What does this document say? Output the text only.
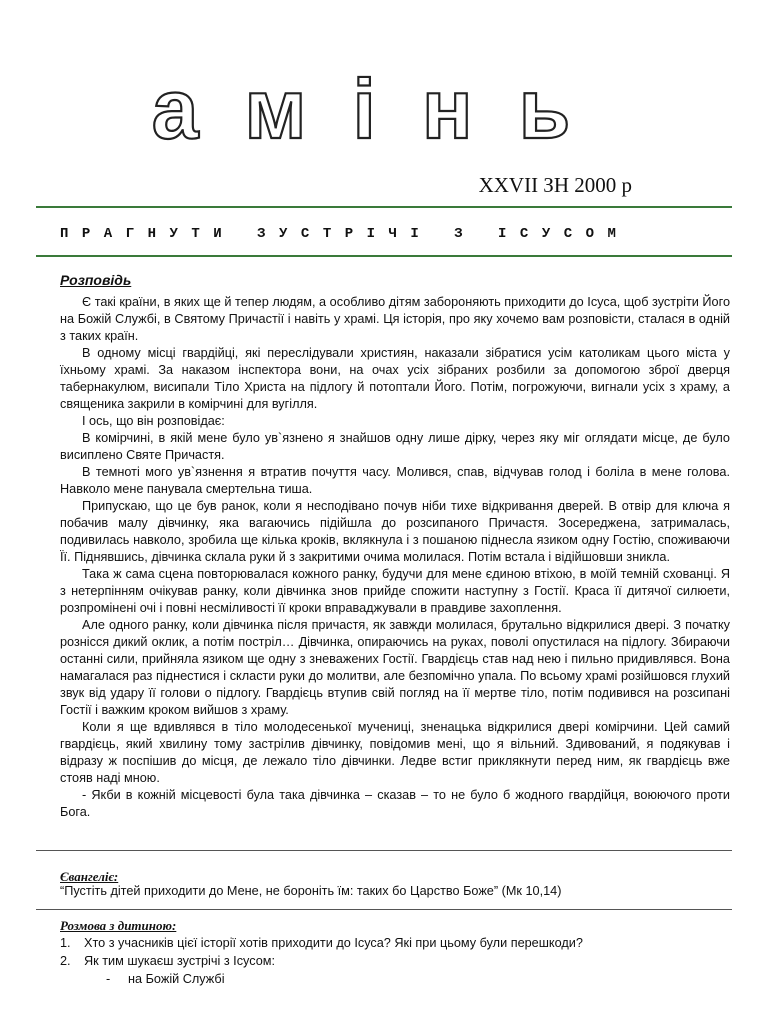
амінь
XXVII ЗН 2000 р
ПРАГНУТИ ЗУСТРІЧІ З ІСУСОМ
Розповідь

Є такі країни, в яких ще й тепер людям, а особливо дітям забороняють приходити до Ісуса, щоб зустріти Його на Божій Службі, в Святому Причастії і навіть у храмі. Ця історія, про яку хочемо вам розповісти, сталася в одній з таких країн.

В одному місці гвардійці, які переслідували християн, наказали зібратися усім католикам цього міста у їхньому храмі. За наказом інспектора вони, на очах усіх зібраних розбили за допомогою зброї дверця табернакулюм, висипали Тіло Христа на підлогу й потоптали Його. Потім, погрожуючи, вигнали усіх з храму, а священика закрили в комірчині для вугілля.

І ось, що він розповідає:

В комірчині, в якій мене було ув`язнено я знайшов одну лише дірку, через яку міг оглядати місце, де було висиплено Святе Причастя.

В темноті мого ув`язнення я втратив почуття часу. Молився, спав, відчував голод і боліла в мене голова. Навколо мене панувала смертельна тиша.

Припускаю, що це був ранок, коли я несподівано почув ніби тихе відкривання дверей. В отвір для ключа я побачив малу дівчинку, яка вагаючись підійшла до розсипаного Причастя. Зосереджена, затрималась, подивилась навколо, зробила ще кілька кроків, вклякнула і з пошаною піднесла язиком одну Гостію, споживаючи Її. Піднявшись, дівчинка склала руки й з закритими очима молилася. Потім встала і відійшовши зникла.

Така ж сама сцена повторювалася кожного ранку, будучи для мене єдиною втіхою, в моїй темній схованці. Я з нетерпінням очікував ранку, коли дівчинка знов прийде спожити наступну з Гостії. Краса її дитячої силюети, розпромінені очі і повні несміливості її кроки вправаджували в правдиве захоплення.

Але одного ранку, коли дівчинка після причастя, як завжди молилася, брутально відкрилися двері. З початку рознісся дикий оклик, а потім постріл… Дівчинка, опираючись на руках, поволі опустилася на підлогу. Збираючи останні сили, прийняла язиком ще одну з зневажених Гостії. Гвардієць став над нею і пильно придивлявся. Вона намагалася раз піднестися і скласти руки до молитви, але безпомічно упала. По всьому храмі розійшовся глухий звук від удару її голови о підлогу. Гвардієць втупив свій погляд на її мертве тіло, потім подивився на розсипані Гостії і важким кроком вийшов з храму.

Коли я ще вдивлявся в тіло молодесенької мучениці, зненацька відкрилися двері комірчини. Цей самий гвардієць, який хвилину тому застрілив дівчинку, повідомив мені, що я вільний. Здивований, я подякував і відразу ж поспішив до місця, де лежало тіло дівчинки. Ледве встиг приклякнути перед ним, як гвардієць вже стояв наді мною.

- Якби в кожній місцевості була така дівчинка – сказав – то не було б жодного гвардійця, воюючого проти Бога.

Євангеліє:
“Пустіть дітей приходити до Мене, не бороніть їм: таких бо Царство Боже” (Мк 10,14)
Розмова з дитиною:
1.	Хто з учасників цієї історії хотів приходити до Ісуса? Які при цьому були перешкоди?
2.	Як тим шукаєш зустрічі з Ісусом:
-	на Божій Службі
